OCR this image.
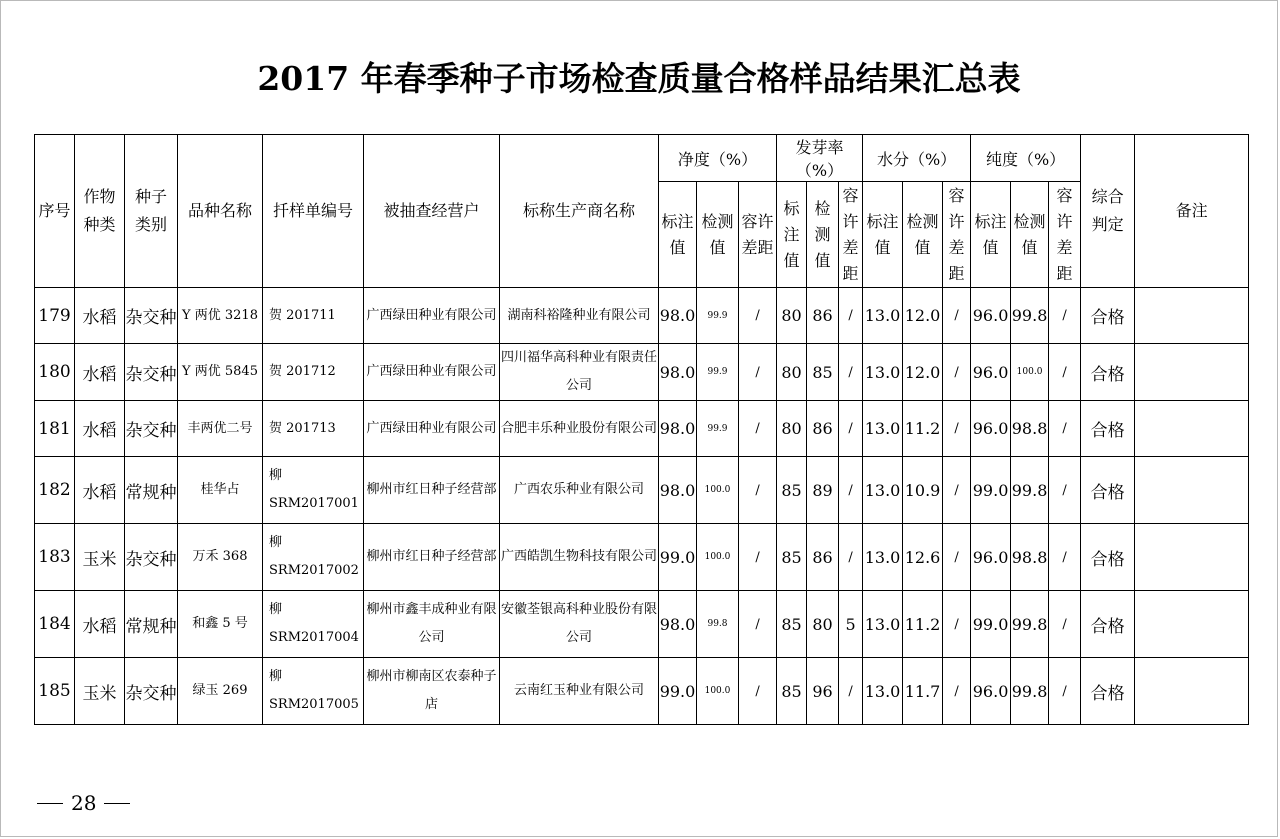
2017 年春季种子市场检查质量合格样品结果汇总表
序号	作物种类	种子类别	品种名称	扦样单编号	被抽查经营户	标称生产商名称	净度（%）			发芽率（%）			水分（%）			纯度（%）			综合判定	备注

							标注值	检测值	容许差距	标注值	检测值	容许差距	标注值	检测值	容许差距	标注值	检测值	容许差距		

179	水稻	杂交种	Y 两优 3218	贺 201711	广西绿田种业有限公司	湖南科裕隆种业有限公司	98.0	99.9	/	80	86	/	13.0	12.0	/	96.0	99.8	/	合格	
180	水稻	杂交种	Y 两优 5845	贺 201712	广西绿田种业有限公司	四川福华高科种业有限责任公司	98.0	99.9	/	80	85	/	13.0	12.0	/	96.0	100.0	/	合格	
181	水稻	杂交种	丰两优二号	贺 201713	广西绿田种业有限公司	合肥丰乐种业股份有限公司	98.0	99.9	/	80	86	/	13.0	11.2	/	96.0	98.8	/	合格	
182	水稻	常规种	桂华占	柳 SRM2017001	柳州市红日种子经营部	广西农乐种业有限公司	98.0	100.0	/	85	89	/	13.0	10.9	/	99.0	99.8	/	合格	
183	玉米	杂交种	万禾 368	柳 SRM2017002	柳州市红日种子经营部	广西皓凯生物科技有限公司	99.0	100.0	/	85	86	/	13.0	12.6	/	96.0	98.8	/	合格	
184	水稻	常规种	和鑫 5 号	柳 SRM2017004	柳州市鑫丰成种业有限公司	安徽荃银高科种业股份有限公司	98.0	99.8	/	85	80	5	13.0	11.2	/	99.0	99.8	/	合格	
185	玉米	杂交种	绿玉 269	柳 SRM2017005	柳州市柳南区农泰种子店	云南红玉种业有限公司	99.0	100.0	/	85	96	/	13.0	11.7	/	96.0	99.8	/	合格	
28
